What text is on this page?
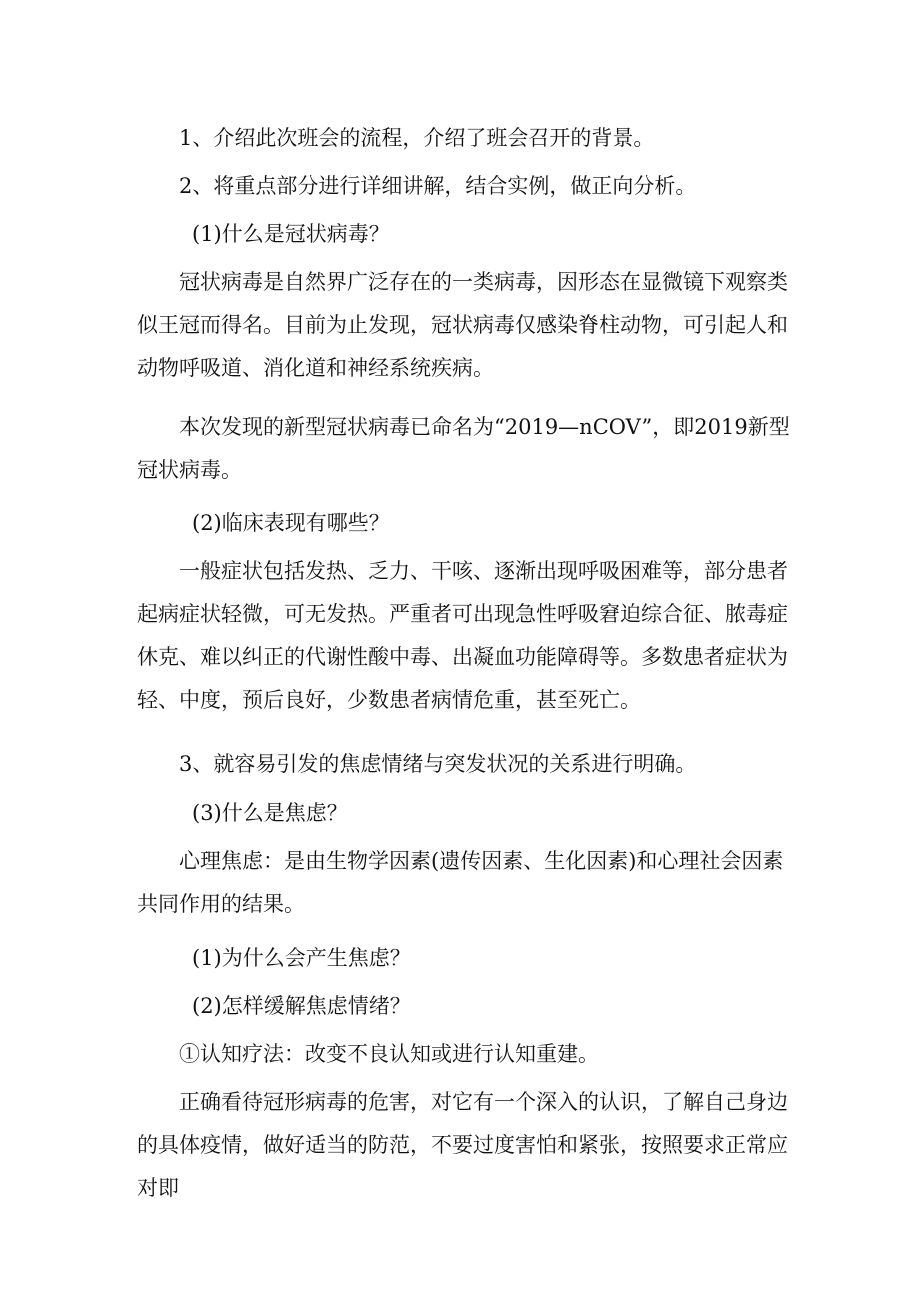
1、介绍此次班会的流程，介绍了班会召开的背景。

2、将重点部分进行详细讲解，结合实例，做正向分析。

(1)什么是冠状病毒？

冠状病毒是自然界广泛存在的一类病毒，因形态在显微镜下观察类似王冠而得名。目前为止发现，冠状病毒仅感染脊柱动物，可引起人和动物呼吸道、消化道和神经系统疾病。

本次发现的新型冠状病毒已命名为“2019—nCOV”，即2019新型冠状病毒。

(2)临床表现有哪些？

一般症状包括发热、乏力、干咳、逐渐出现呼吸困难等，部分患者起病症状轻微，可无发热。严重者可出现急性呼吸窘迫综合征、脓毒症休克、难以纠正的代谢性酸中毒、出凝血功能障碍等。多数患者症状为轻、中度，预后良好，少数患者病情危重，甚至死亡。

3、就容易引发的焦虑情绪与突发状况的关系进行明确。

(3)什么是焦虑？

心理焦虑：是由生物学因素(遗传因素、生化因素)和心理社会因素共同作用的结果。

(1)为什么会产生焦虑？

(2)怎样缓解焦虑情绪？

①认知疗法：改变不良认知或进行认知重建。

正确看待冠形病毒的危害，对它有一个深入的认识，了解自己身边的具体疫情，做好适当的防范，不要过度害怕和紧张，按照要求正常应对即
